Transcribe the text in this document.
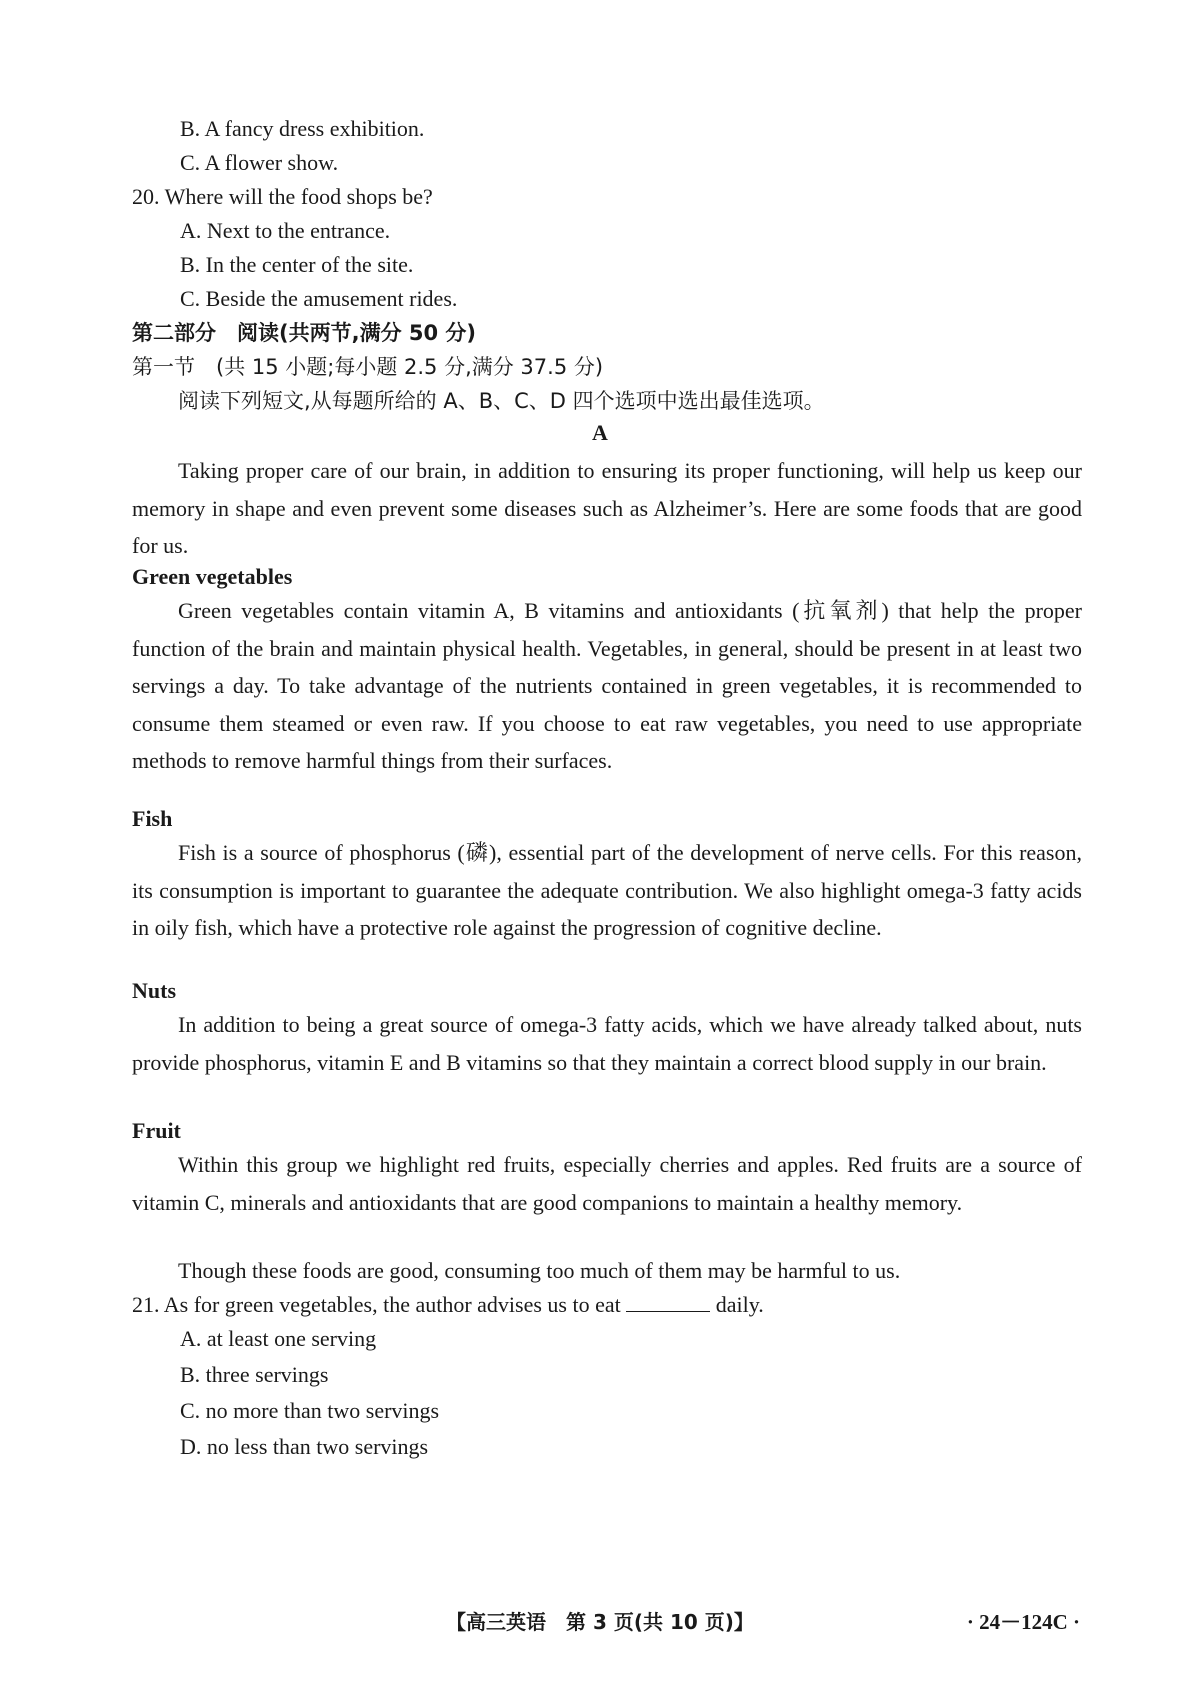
B. A fancy dress exhibition.
C. A flower show.
20. Where will the food shops be?
A. Next to the entrance.
B. In the center of the site.
C. Beside the amusement rides.
第二部分　阅读(共两节,满分 50 分)
第一节　(共 15 小题;每小题 2.5 分,满分 37.5 分)
阅读下列短文,从每题所给的 A、B、C、D 四个选项中选出最佳选项。
A
Taking proper care of our brain, in addition to ensuring its proper functioning, will help us keep our memory in shape and even prevent some diseases such as Alzheimer’s. Here are some foods that are good for us.
Green vegetables
Green vegetables contain vitamin A, B vitamins and antioxidants (抗氧剂) that help the proper function of the brain and maintain physical health. Vegetables, in general, should be present in at least two servings a day. To take advantage of the nutrients contained in green vegetables, it is recommended to consume them steamed or even raw. If you choose to eat raw vegetables, you need to use appropriate methods to remove harmful things from their surfaces.
Fish
Fish is a source of phosphorus (磷), essential part of the development of nerve cells. For this reason, its consumption is important to guarantee the adequate contribution. We also highlight omega-3 fatty acids in oily fish, which have a protective role against the progression of cognitive decline.
Nuts
In addition to being a great source of omega-3 fatty acids, which we have already talked about, nuts provide phosphorus, vitamin E and B vitamins so that they maintain a correct blood supply in our brain.
Fruit
Within this group we highlight red fruits, especially cherries and apples. Red fruits are a source of vitamin C, minerals and antioxidants that are good companions to maintain a healthy memory.
Though these foods are good, consuming too much of them may be harmful to us.
21. As for green vegetables, the author advises us to eat	daily.
A. at least one serving
B. three servings
C. no more than two servings
D. no less than two servings
【高三英语　第 3 页(共 10 页)】	· 24－124C ·
